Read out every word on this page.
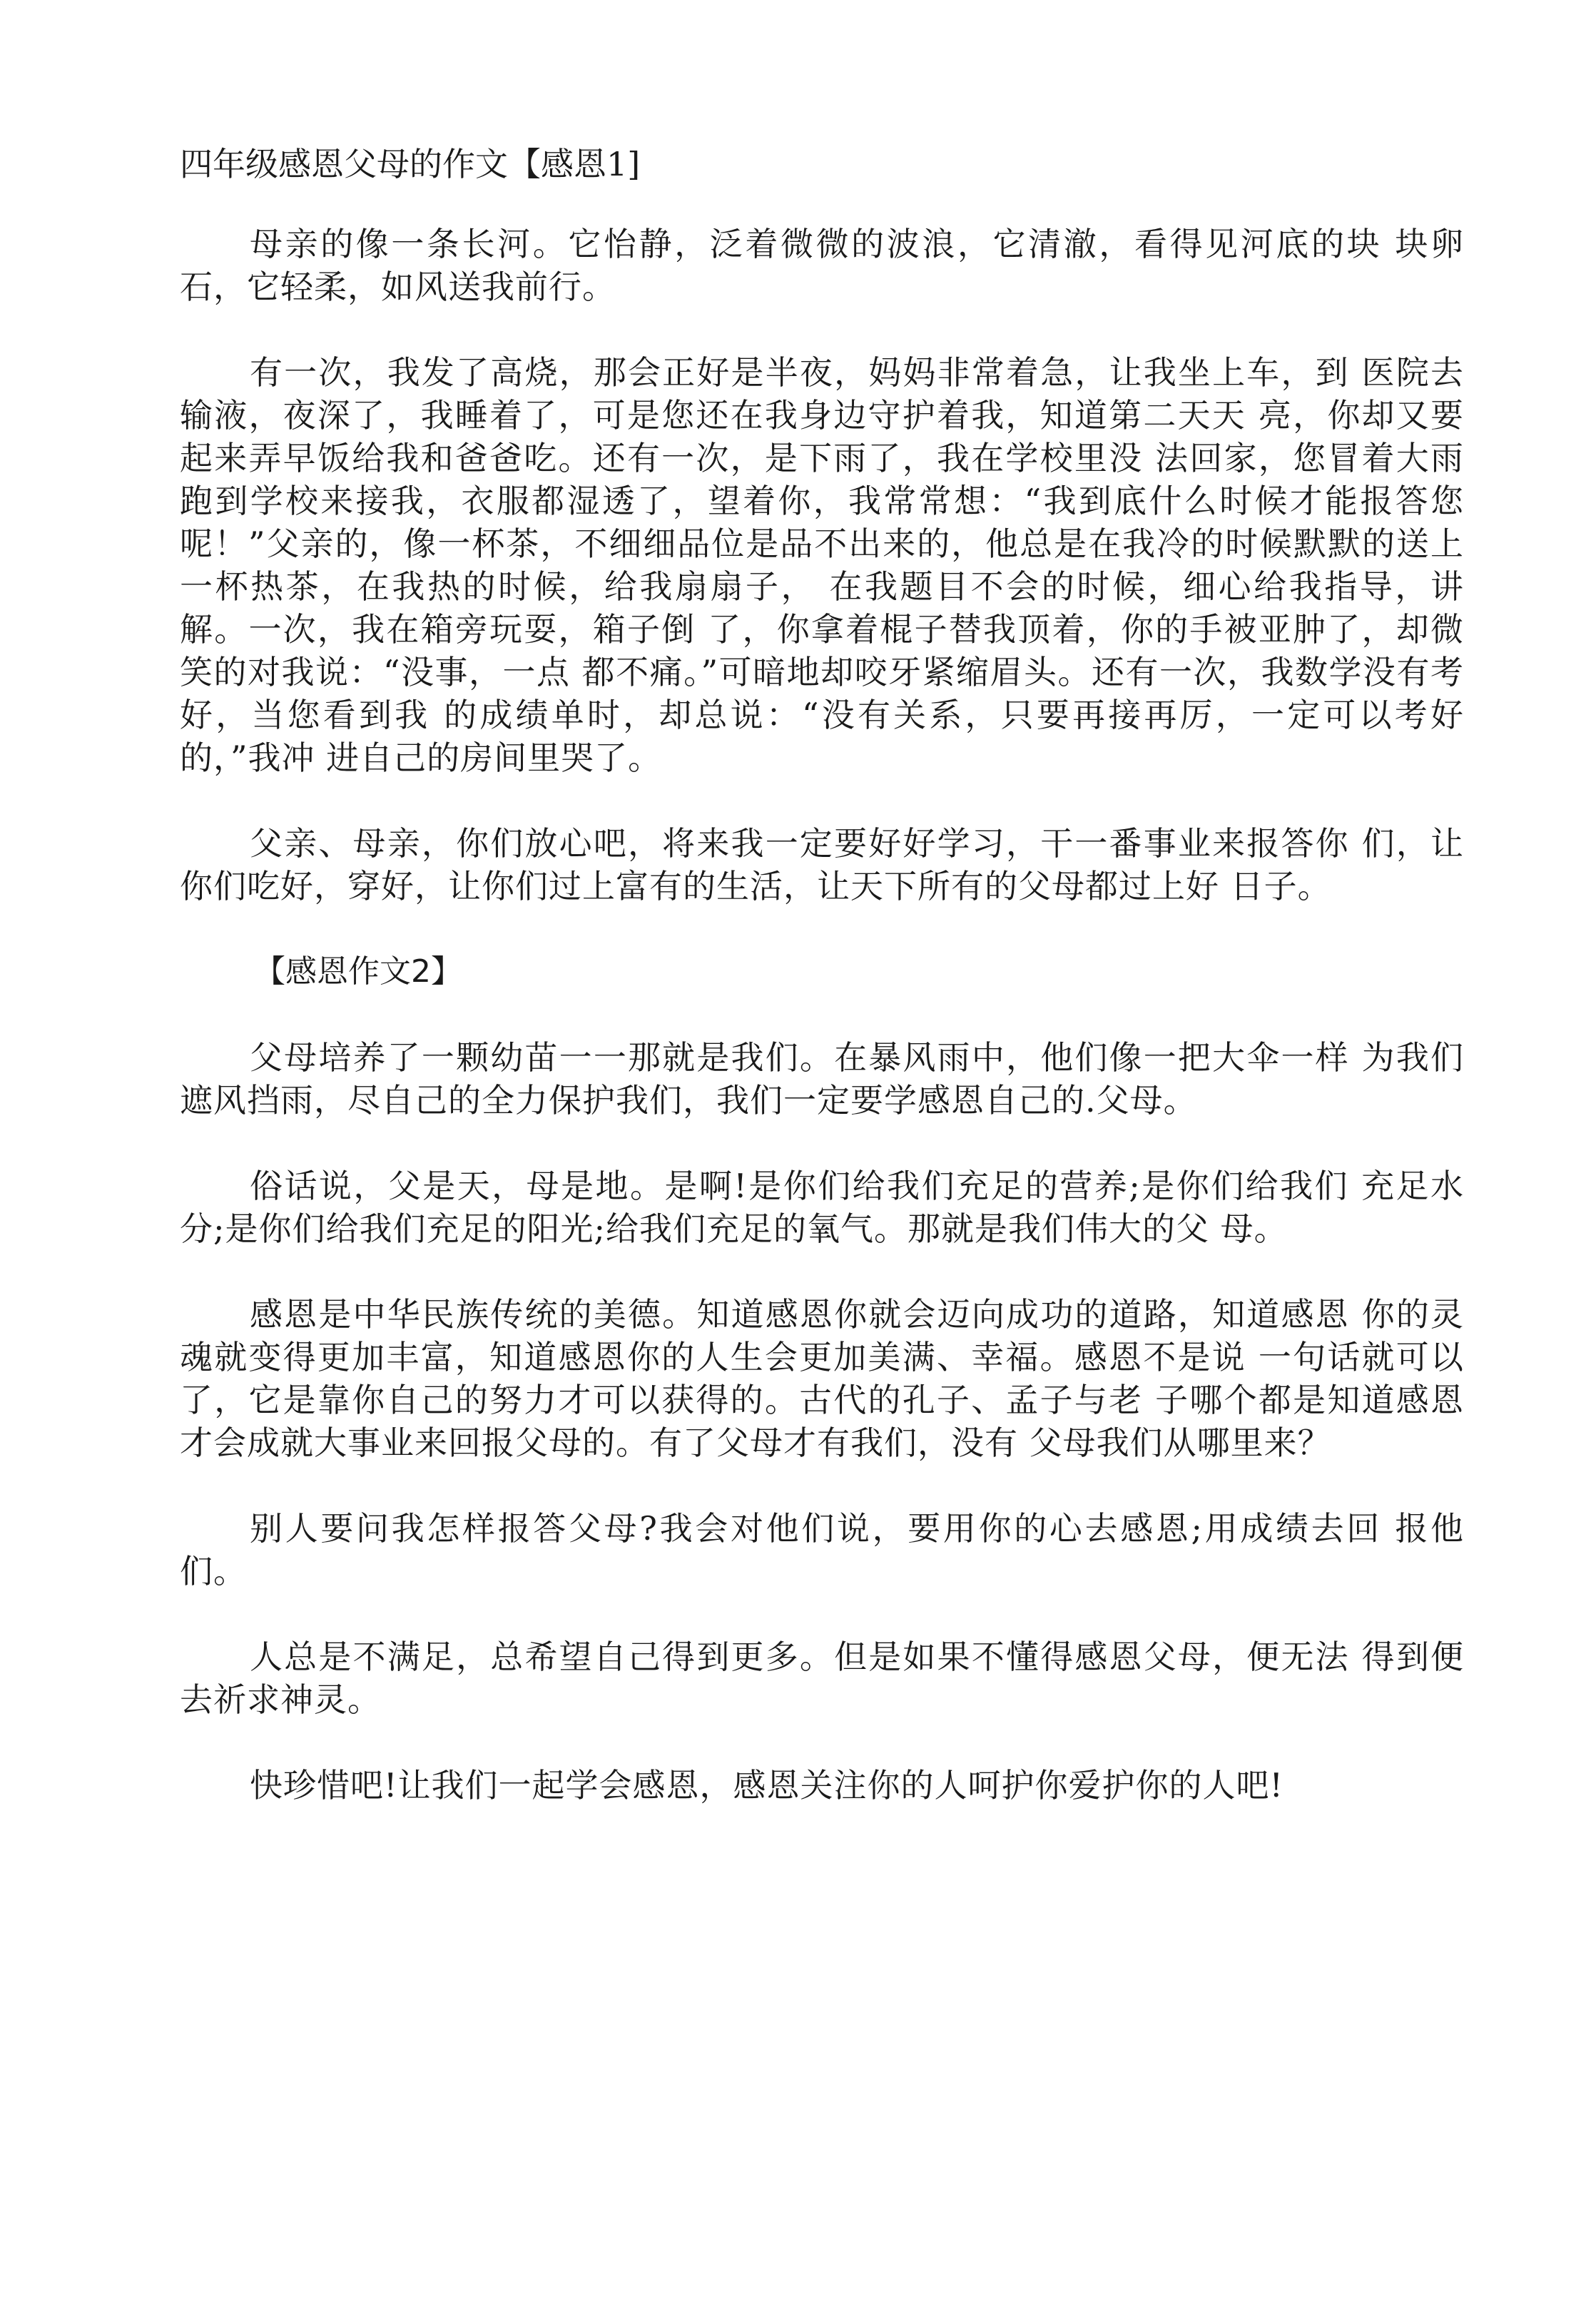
四年级感恩父母的作文【感恩1]

母亲的像一条长河。它怡静，泛着微微的波浪，它清澈，看得见河底的块 块卵石，它轻柔，如风送我前行。

有一次，我发了高烧，那会正好是半夜，妈妈非常着急，让我坐上车，到 医院去输液，夜深了，我睡着了，可是您还在我身边守护着我，知道第二天天 亮，你却又要起来弄早饭给我和爸爸吃。还有一次，是下雨了，我在学校里没 法回家，您冒着大雨跑到学校来接我，衣服都湿透了，望着你，我常常想：“我到底什么时候才能报答您呢！”父亲的，像一杯茶，不细细品位是品不出来的，他总是在我冷的时候默默的送上一杯热茶，在我热的时候，给我扇扇子， 在我题目不会的时候，细心给我指导，讲解。一次，我在箱旁玩耍，箱子倒 了，你拿着棍子替我顶着，你的手被亚肿了，却微笑的对我说：“没事，一点 都不痛。”可暗地却咬牙紧缩眉头。还有一次，我数学没有考好，当您看到我 的成绩单时，却总说：“没有关系，只要再接再厉，一定可以考好的，”我冲 进自己的房间里哭了。

父亲、母亲，你们放心吧，将来我一定要好好学习，干一番事业来报答你 们，让你们吃好，穿好，让你们过上富有的生活，让天下所有的父母都过上好 日子。

【感恩作文2】

父母培养了一颗幼苗一一那就是我们。在暴风雨中，他们像一把大伞一样 为我们遮风挡雨，尽自己的全力保护我们，我们一定要学感恩自己的.父母。

俗话说，父是天，母是地。是啊!是你们给我们充足的营养;是你们给我们 充足水分;是你们给我们充足的阳光;给我们充足的氧气。那就是我们伟大的父 母。

感恩是中华民族传统的美德。知道感恩你就会迈向成功的道路，知道感恩 你的灵魂就变得更加丰富，知道感恩你的人生会更加美满、幸福。感恩不是说 一句话就可以了，它是靠你自己的努力才可以获得的。古代的孔子、孟子与老 子哪个都是知道感恩才会成就大事业来回报父母的。有了父母才有我们，没有 父母我们从哪里来？

别人要问我怎样报答父母?我会对他们说，要用你的心去感恩;用成绩去回 报他们。

人总是不满足，总希望自己得到更多。但是如果不懂得感恩父母，便无法 得到便去祈求神灵。

快珍惜吧!让我们一起学会感恩，感恩关注你的人呵护你爱护你的人吧!
